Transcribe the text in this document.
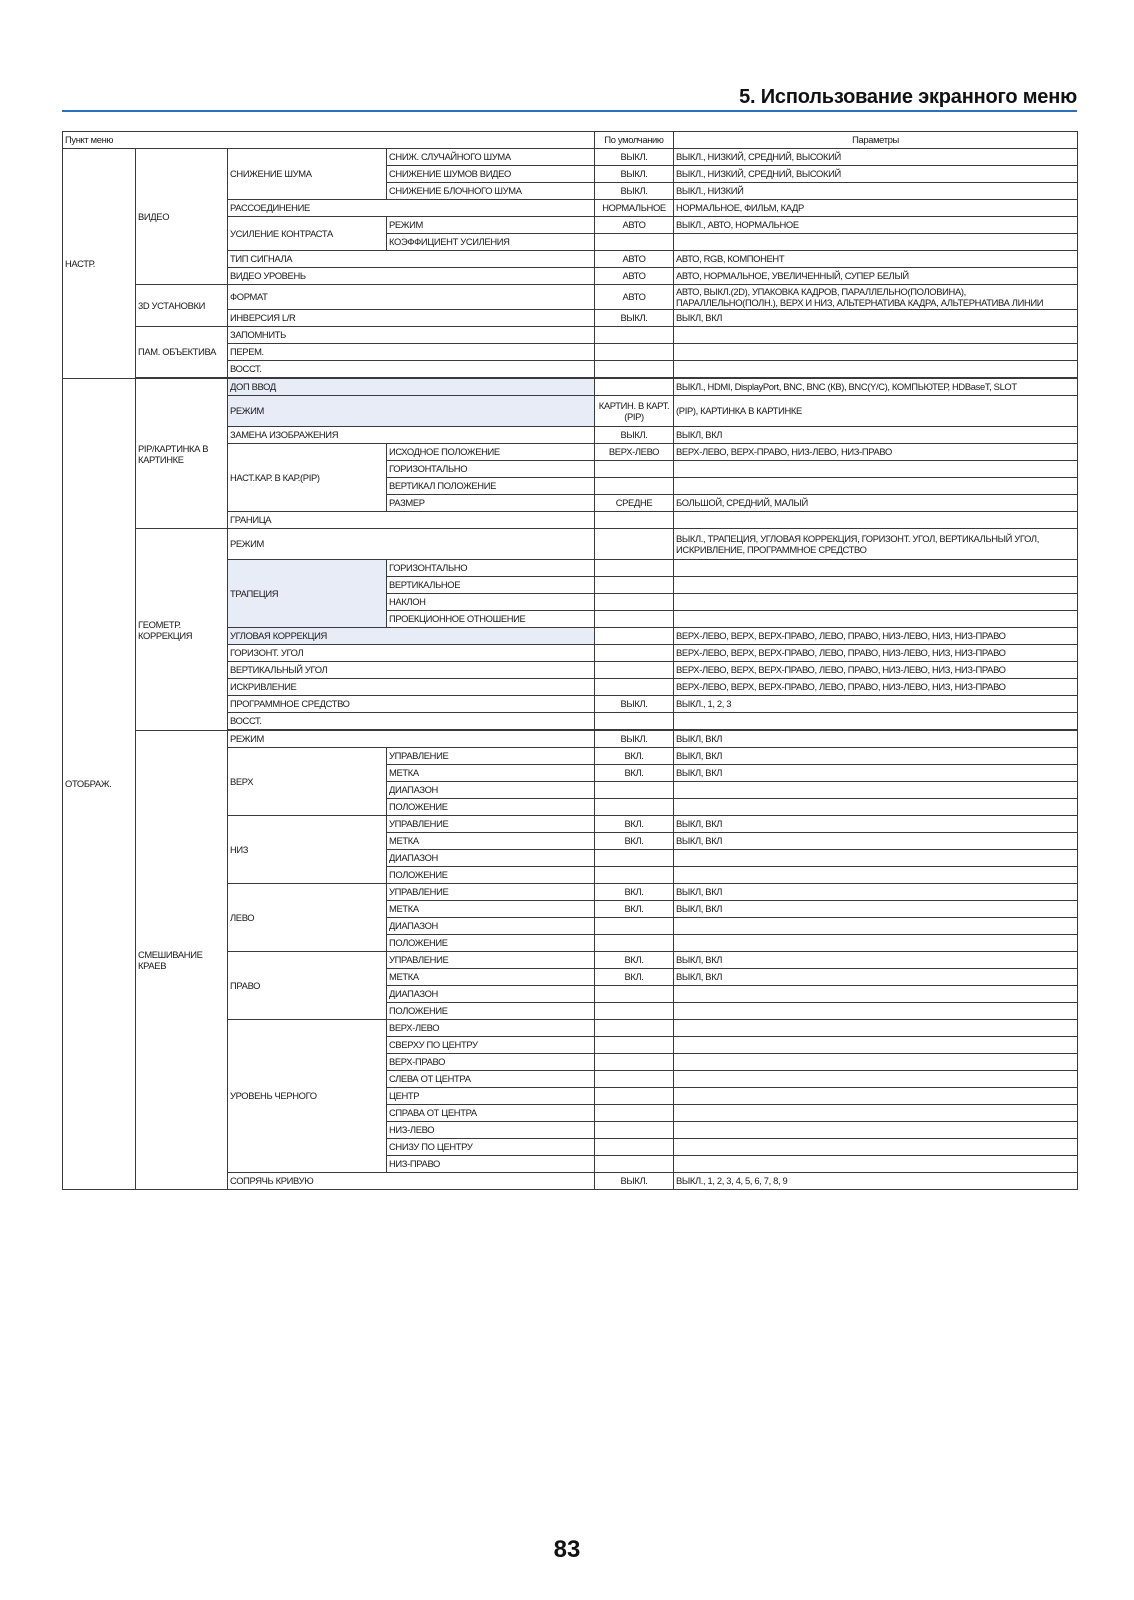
5. Использование экранного меню
Пункт меню				По умолчанию	Параметры
НАСТР.	ВИДЕО	СНИЖЕНИЕ ШУМА	СНИЖ. СЛУЧАЙНОГО ШУМА	ВЫКЛ.	ВЫКЛ., НИЗКИЙ, СРЕДНИЙ, ВЫСОКИЙ
			СНИЖЕНИЕ ШУМОВ ВИДЕО	ВЫКЛ.	ВЫКЛ., НИЗКИЙ, СРЕДНИЙ, ВЫСОКИЙ
			СНИЖЕНИЕ БЛОЧНОГО ШУМА	ВЫКЛ.	ВЫКЛ., НИЗКИЙ
		РАССОЕДИНЕНИЕ		НОРМАЛЬНОЕ	НОРМАЛЬНОЕ, ФИЛЬМ, КАДР
		УСИЛЕНИЕ КОНТРАСТА	РЕЖИМ	АВТО	ВЫКЛ., АВТО, НОРМАЛЬНОЕ
			КОЭФФИЦИЕНТ УСИЛЕНИЯ		
		ТИП СИГНАЛА		АВТО	АВТО, RGB, КОМПОНЕНТ
		ВИДЕО УРОВЕНЬ		АВТО	АВТО, НОРМАЛЬНОЕ, УВЕЛИЧЕННЫЙ, СУПЕР БЕЛЫЙ
	3D УСТАНОВКИ	ФОРМАТ		АВТО	АВТО, ВЫКЛ.(2D), УПАКОВКА КАДРОВ, ПАРАЛЛЕЛЬНО(ПОЛОВИНА),
ПАРАЛЛЕЛЬНО(ПОЛН.), ВЕРХ И НИЗ, АЛЬТЕРНАТИВА КАДРА, АЛЬТЕРНАТИВА ЛИНИИ
		ИНВЕРСИЯ L/R		ВЫКЛ.	ВЫКЛ, ВКЛ
	ПАМ. ОБЪЕКТИВА	ЗАПОМНИТЬ			
		ПЕРЕМ.			
		ВОССТ.			

ОТОБРАЖ.	PIP/КАРТИНКА В КАРТИНКЕ	ДОП ВВОД			ВЫКЛ., HDMI, DisplayPort, BNC, BNC (КВ), BNC(Y/C), КОМПЬЮТЕР, HDBaseT, SLOT
		РЕЖИМ		КАРТИН. В КАРТ. (PIP)	(PIP), КАРТИНКА В КАРТИНКЕ
		ЗАМЕНА ИЗОБРАЖЕНИЯ		ВЫКЛ.	ВЫКЛ, ВКЛ
		НАСТ.КАР. В КАР.(PIP)	ИСХОДНОЕ ПОЛОЖЕНИЕ	ВЕРХ-ЛЕВО	ВЕРХ-ЛЕВО, ВЕРХ-ПРАВО, НИЗ-ЛЕВО, НИЗ-ПРАВО
			ГОРИЗОНТАЛЬНО		
			ВЕРТИКАЛ ПОЛОЖЕНИЕ		
			РАЗМЕР	СРЕДНЕ	БОЛЬШОЙ, СРЕДНИЙ, МАЛЫЙ
		ГРАНИЦА			
	ГЕОМЕТР. КОРРЕКЦИЯ	РЕЖИМ			ВЫКЛ., ТРАПЕЦИЯ, УГЛОВАЯ КОРРЕКЦИЯ, ГОРИЗОНТ. УГОЛ, ВЕРТИКАЛЬНЫЙ УГОЛ, ИСКРИВЛЕНИЕ, ПРОГРАММНОЕ СРЕДСТВО
		ТРАПЕЦИЯ	ГОРИЗОНТАЛЬНО		
			ВЕРТИКАЛЬНОЕ		
			НАКЛОН		
			ПРОЕКЦИОННОЕ ОТНОШЕНИЕ		
		УГЛОВАЯ КОРРЕКЦИЯ			ВЕРХ-ЛЕВО, ВЕРХ, ВЕРХ-ПРАВО, ЛЕВО, ПРАВО, НИЗ-ЛЕВО, НИЗ, НИЗ-ПРАВО
		ГОРИЗОНТ. УГОЛ			ВЕРХ-ЛЕВО, ВЕРХ, ВЕРХ-ПРАВО, ЛЕВО, ПРАВО, НИЗ-ЛЕВО, НИЗ, НИЗ-ПРАВО
		ВЕРТИКАЛЬНЫЙ УГОЛ			ВЕРХ-ЛЕВО, ВЕРХ, ВЕРХ-ПРАВО, ЛЕВО, ПРАВО, НИЗ-ЛЕВО, НИЗ, НИЗ-ПРАВО
		ИСКРИВЛЕНИЕ			ВЕРХ-ЛЕВО, ВЕРХ, ВЕРХ-ПРАВО, ЛЕВО, ПРАВО, НИЗ-ЛЕВО, НИЗ, НИЗ-ПРАВО
		ПРОГРАММНОЕ СРЕДСТВО		ВЫКЛ.	ВЫКЛ., 1, 2, 3
		ВОССТ.			

	СМЕШИВАНИЕ КРАЕВ	РЕЖИМ		ВЫКЛ.	ВЫКЛ, ВКЛ
		ВЕРХ	УПРАВЛЕНИЕ	ВКЛ.	ВЫКЛ, ВКЛ
			МЕТКА	ВКЛ.	ВЫКЛ, ВКЛ
			ДИАПАЗОН		
			ПОЛОЖЕНИЕ		
		НИЗ	УПРАВЛЕНИЕ	ВКЛ.	ВЫКЛ, ВКЛ
			МЕТКА	ВКЛ.	ВЫКЛ, ВКЛ
			ДИАПАЗОН		
			ПОЛОЖЕНИЕ		
		ЛЕВО	УПРАВЛЕНИЕ	ВКЛ.	ВЫКЛ, ВКЛ
			МЕТКА	ВКЛ.	ВЫКЛ, ВКЛ
			ДИАПАЗОН		
			ПОЛОЖЕНИЕ		
		ПРАВО	УПРАВЛЕНИЕ	ВКЛ.	ВЫКЛ, ВКЛ
			МЕТКА	ВКЛ.	ВЫКЛ, ВКЛ
			ДИАПАЗОН		
			ПОЛОЖЕНИЕ		
		УРОВЕНЬ ЧЕРНОГО	ВЕРХ-ЛЕВО		
			СВЕРХУ ПО ЦЕНТРУ		
			ВЕРХ-ПРАВО		
			СЛЕВА ОТ ЦЕНТРА		
			ЦЕНТР		
			СПРАВА ОТ ЦЕНТРА		
			НИЗ-ЛЕВО		
			СНИЗУ ПО ЦЕНТРУ		
			НИЗ-ПРАВО		
		СОПРЯЧЬ КРИВУЮ		ВЫКЛ.	ВЫКЛ., 1, 2, 3, 4, 5, 6, 7, 8, 9
83
